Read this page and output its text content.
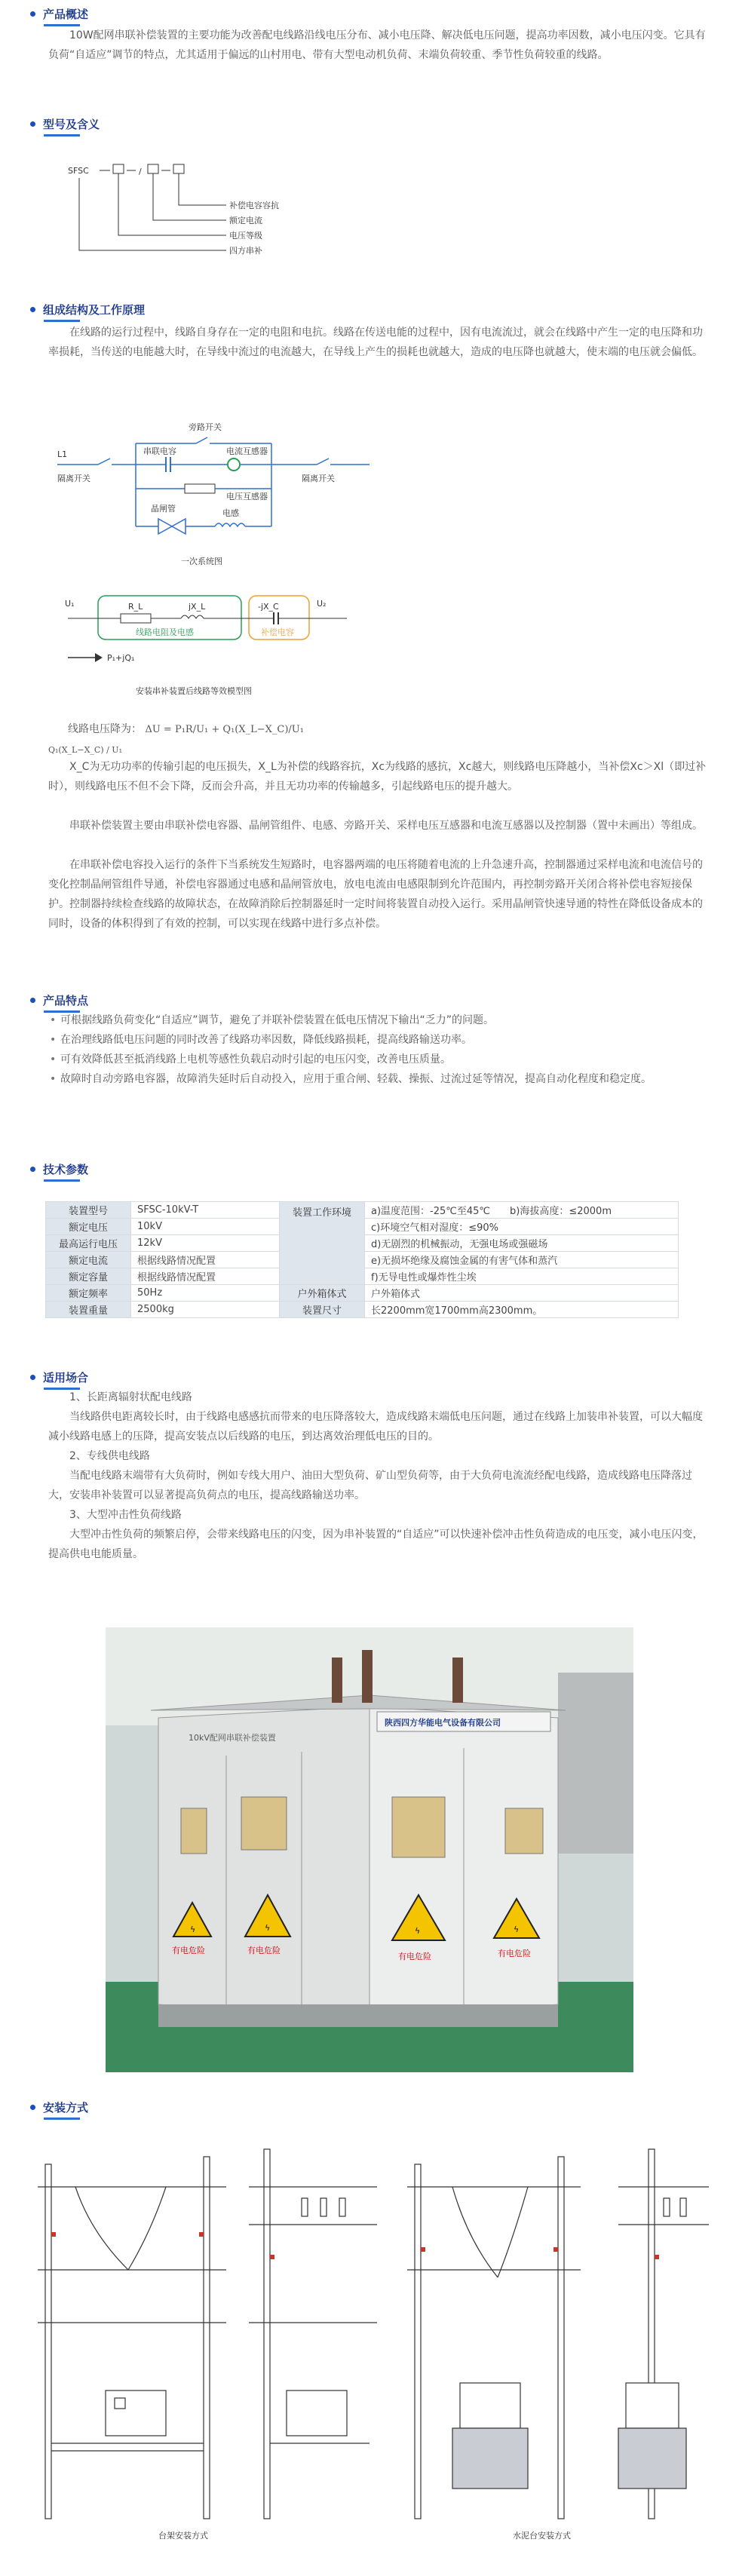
产品概述

10W配网串联补偿装置的主要功能为改善配电线路沿线电压分布、减小电压降、解决低电压问题，提高功率因数，减小电压闪变。它具有负荷“自适应”调节的特点，尤其适用于偏远的山村用电、带有大型电动机负荷、末端负荷较重、季节性负荷较重的线路。

型号及含义
SFSC	/
补偿电容容抗
额定电流
电压等级
四方串补
组成结构及工作原理

在线路的运行过程中，线路自身存在一定的电阻和电抗。线路在传送电能的过程中，因有电流流过，就会在线路中产生一定的电压降和功率损耗，当传送的电能越大时，在导线中流过的电流越大，在导线上产生的损耗也就越大，造成的电压降也就越大，使末端的电压就会偏低。

L1
隔离开关	隔离开关
旁路开关
串联电容	电流互感器
电压互感器
晶闸管	电感
一次系统图
U₁	U₂
R_L	jX_L	-jX_C
线路电阻及电感	补偿电容
P₁+jQ₁
安装串补装置后线路等效模型图
线路电压降为： ΔU = P₁R/U₁ + Q₁(X_L−X_C)/U₁
Q₁(X_L−X_C) / U₁

X_C为无功功率的传输引起的电压损失，X_L为补偿的线路容抗，Xc为线路的感抗，Xc越大，则线路电压降越小，当补偿Xc＞Xl（即过补时），则线路电压不但不会下降，反而会升高，并且无功功率的传输越多，引起线路电压的提升越大。

串联补偿装置主要由串联补偿电容器、晶闸管组件、电感、旁路开关、采样电压互感器和电流互感器以及控制器（置中未画出）等组成。

在串联补偿电容投入运行的条件下当系统发生短路时，电容器两端的电压将随着电流的上升急速升高，控制器通过采样电流和电流信号的变化控制晶闸管组件导通，补偿电容器通过电感和晶闸管放电，放电电流由电感限制到允许范围内，再控制旁路开关闭合将补偿电容短接保护。控制器持续检查线路的故障状态，在故障消除后控制器延时一定时间将装置自动投入运行。采用晶闸管快速导通的特性在降低设备成本的同时，设备的体积得到了有效的控制，可以实现在线路中进行多点补偿。

产品特点
• 可根据线路负荷变化“自适应”调节，避免了并联补偿装置在低电压情况下输出“乏力”的问题。
• 在治理线路低电压问题的同时改善了线路功率因数，降低线路损耗，提高线路输送功率。
• 可有效降低甚至抵消线路上电机等感性负载启动时引起的电压闪变，改善电压质量。
• 故障时自动旁路电容器，故障消失延时后自动投入，应用于重合闸、轻载、操振、过流过延等情况，提高自动化程度和稳定度。
技术参数
装置型号	SFSC-10kV-T	装置工作环境	a)温度范围：-25℃至45℃　　b)海拔高度：≤2000m
额定电压	10kV		c)环境空气相对湿度：≤90%
最高运行电压	12kV		d)无剧烈的机械振动，无强电场或强磁场
额定电流	根据线路情况配置		e)无损坏绝缘及腐蚀金属的有害气体和蒸汽
额定容量	根据线路情况配置		f)无导电性或爆炸性尘埃
额定频率	50Hz	户外箱体式	户外箱体式
装置重量	2500kg	装置尺寸	长2200mm宽1700mm高2300mm。
适用场合

1、长距离辐射状配电线路

当线路供电距离较长时，由于线路电感感抗而带来的电压降落较大，造成线路末端低电压问题，通过在线路上加装串补装置，可以大幅度减小线路电感上的压降，提高安装点以后线路的电压，到达离效治理低电压的目的。

2、专线供电线路

当配电线路末端带有大负荷时，例如专线大用户、油田大型负荷、矿山型负荷等，由于大负荷电流流经配电线路，造成线路电压降落过大，安装串补装置可以显著提高负荷点的电压，提高线路输送功率。

3、大型冲击性负荷线路

大型冲击性负荷的频繁启停，会带来线路电压的闪变，因为串补装置的“自适应”可以快速补偿冲击性负荷造成的电压变，减小电压闪变，提高供电电能质量。

陕西四方华能电气设备有限公司
10kV配网串联补偿装置
ϟ
有电危险
ϟ
有电危险
ϟ
有电危险
ϟ
有电危险
安装方式
台架安装方式	水泥台安装方式
